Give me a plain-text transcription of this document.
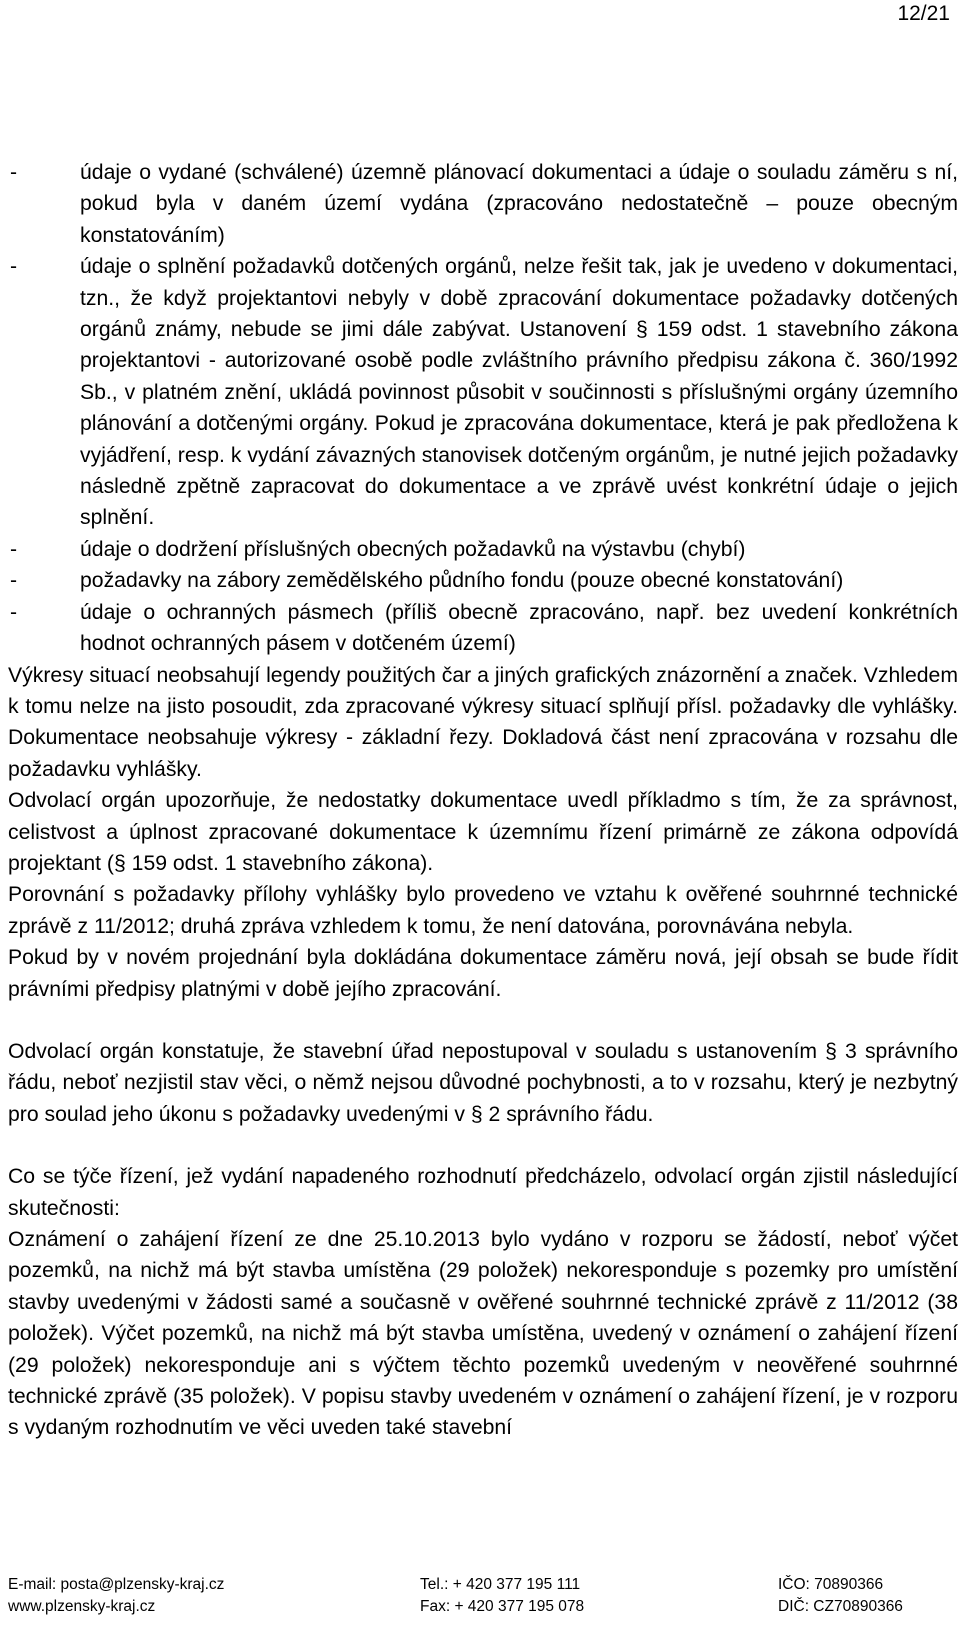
12/21
-	údaje o vydané (schválené) územně plánovací dokumentaci a údaje o souladu záměru s ní, pokud byla v daném území vydána (zpracováno nedostatečně – pouze obecným konstatováním)
-	údaje o splnění požadavků dotčených orgánů, nelze řešit tak, jak je uvedeno v dokumentaci, tzn., že když projektantovi nebyly v době zpracování dokumentace požadavky dotčených orgánů známy, nebude se jimi dále zabývat. Ustanovení § 159 odst. 1 stavebního zákona projektantovi - autorizované osobě podle zvláštního právního předpisu zákona č. 360/1992 Sb., v platném znění, ukládá povinnost působit v součinnosti s příslušnými orgány územního plánování a dotčenými orgány. Pokud je zpracována dokumentace, která je pak předložena k vyjádření, resp. k vydání závazných stanovisek dotčeným orgánům, je nutné jejich požadavky následně zpětně zapracovat do dokumentace a ve zprávě uvést konkrétní údaje o jejich splnění.
-	údaje o dodržení příslušných obecných požadavků na výstavbu (chybí)
-	požadavky na zábory zemědělského půdního fondu (pouze obecné konstatování)
-	údaje o ochranných pásmech (příliš obecně zpracováno, např. bez uvedení konkrétních hodnot ochranných pásem v dotčeném území)

Výkresy situací neobsahují legendy použitých čar a jiných grafických znázornění a značek. Vzhledem k tomu nelze na jisto posoudit, zda zpracované výkresy situací splňují přísl. požadavky dle vyhlášky. Dokumentace neobsahuje výkresy - základní řezy. Dokladová část není zpracována v rozsahu dle požadavku vyhlášky.

Odvolací orgán upozorňuje, že nedostatky dokumentace uvedl příkladmo s tím, že za správnost, celistvost a úplnost zpracované dokumentace k územnímu řízení primárně ze zákona odpovídá projektant (§ 159 odst. 1 stavebního zákona).

Porovnání s požadavky přílohy vyhlášky bylo provedeno ve vztahu k ověřené souhrnné technické zprávě z 11/2012; druhá zpráva vzhledem k tomu, že není datována, porovnávána nebyla.

Pokud by v novém projednání byla dokládána dokumentace záměru nová, její obsah se bude řídit právními předpisy platnými v době jejího zpracování.

Odvolací orgán konstatuje, že stavební úřad nepostupoval v souladu s ustanovením § 3 správního řádu, neboť nezjistil stav věci, o němž nejsou důvodné pochybnosti, a to v rozsahu, který je nezbytný pro soulad jeho úkonu s požadavky uvedenými v § 2 správního řádu.

Co se týče řízení, jež vydání napadeného rozhodnutí předcházelo, odvolací orgán zjistil následující skutečnosti:

Oznámení o zahájení řízení ze dne 25.10.2013 bylo vydáno v rozporu se žádostí, neboť výčet pozemků, na nichž má být stavba umístěna (29 položek) nekoresponduje s pozemky pro umístění stavby uvedenými v žádosti samé a současně v ověřené souhrnné technické zprávě z 11/2012 (38 položek). Výčet pozemků, na nichž má být stavba umístěna, uvedený v oznámení o zahájení řízení (29 položek) nekoresponduje ani s výčtem těchto pozemků uvedeným v neověřené souhrnné technické zprávě (35 položek). V popisu stavby uvedeném v oznámení o zahájení řízení, je v rozporu s vydaným rozhodnutím ve věci uveden také stavební

E-mail: posta@plzensky-kraj.cz
www.plzensky-kraj.cz
Tel.: + 420 377 195 111
Fax: + 420 377 195 078
IČO: 70890366
DIČ: CZ70890366
